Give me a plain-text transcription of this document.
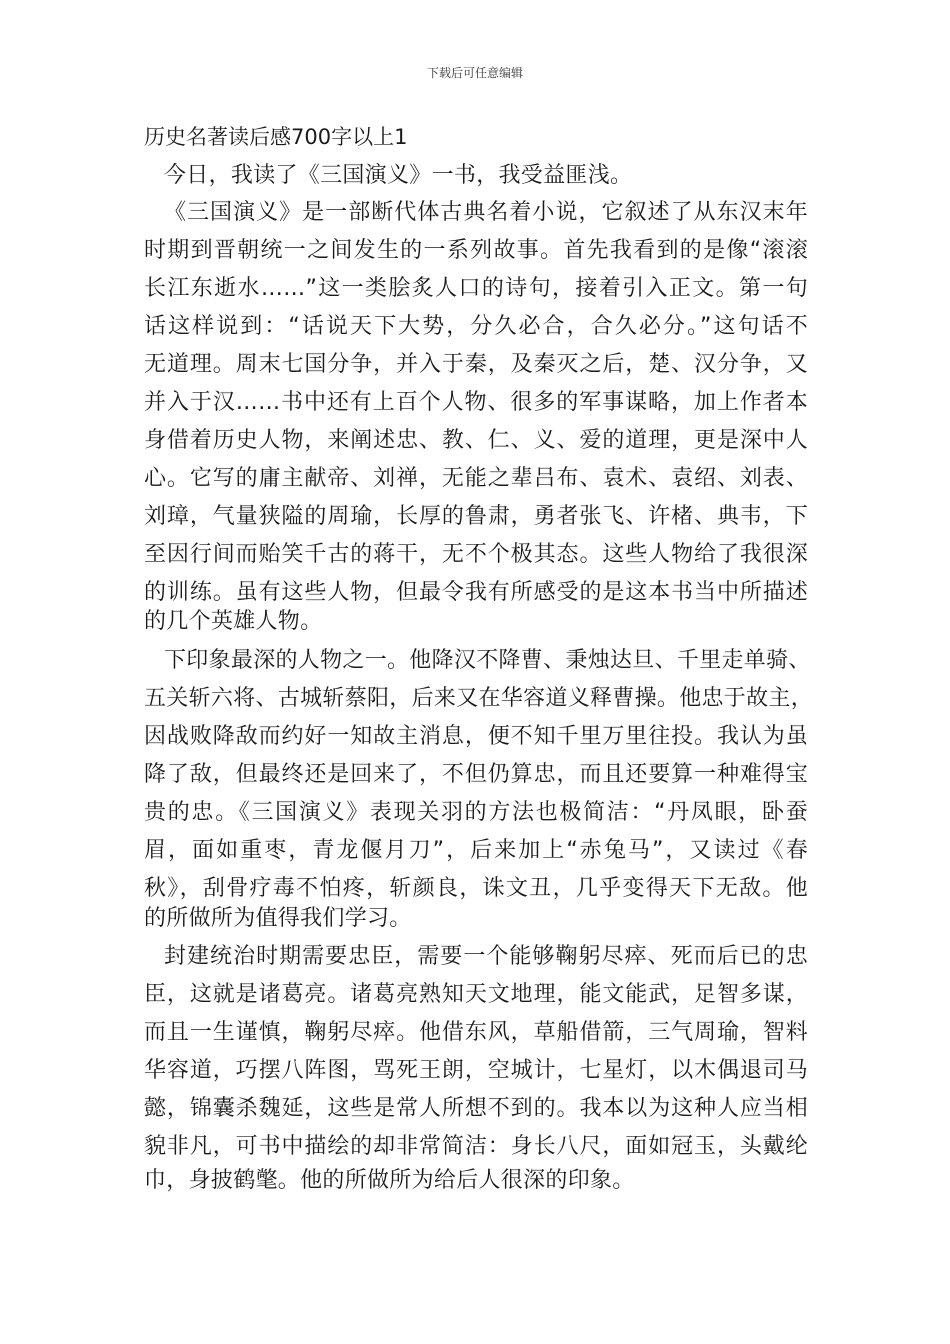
下载后可任意编辑
历史名著读后感700字以上1
今日，我读了《三国演义》一书，我受益匪浅。
《三国演义》是一部断代体古典名着小说，它叙述了从东汉末年
时期到晋朝统一之间发生的一系列故事。首先我看到的是像“滚滚
长江东逝水……”这一类脍炙人口的诗句，接着引入正文。第一句
话这样说到：“话说天下大势，分久必合，合久必分。”这句话不
无道理。周末七国分争，并入于秦，及秦灭之后，楚、汉分争，又
并入于汉……书中还有上百个人物、很多的军事谋略，加上作者本
身借着历史人物，来阐述忠、教、仁、义、爱的道理，更是深中人
心。它写的庸主献帝、刘禅，无能之辈吕布、袁术、袁绍、刘表、
刘璋，气量狭隘的周瑜，长厚的鲁肃，勇者张飞、许楮、典韦，下
至因行间而贻笑千古的蒋干，无不个极其态。这些人物给了我很深
的训练。虽有这些人物，但最令我有所感受的是这本书当中所描述
的几个英雄人物。
下印象最深的人物之一。他降汉不降曹、秉烛达旦、千里走单骑、
五关斩六将、古城斩蔡阳，后来又在华容道义释曹操。他忠于故主，
因战败降敌而约好一知故主消息，便不知千里万里往投。我认为虽
降了敌，但最终还是回来了，不但仍算忠，而且还要算一种难得宝
贵的忠。《三国演义》表现关羽的方法也极简洁：“丹凤眼，卧蚕
眉，面如重枣，青龙偃月刀”，后来加上“赤兔马”，又读过《春
秋》，刮骨疗毒不怕疼，斩颜良，诛文丑，几乎变得天下无敌。他
的所做所为值得我们学习。
封建统治时期需要忠臣，需要一个能够鞠躬尽瘁、死而后已的忠
臣，这就是诸葛亮。诸葛亮熟知天文地理，能文能武，足智多谋，
而且一生谨慎，鞠躬尽瘁。他借东风，草船借箭，三气周瑜，智料
华容道，巧摆八阵图，骂死王朗，空城计，七星灯，以木偶退司马
懿，锦囊杀魏延，这些是常人所想不到的。我本以为这种人应当相
貌非凡，可书中描绘的却非常简洁：身长八尺，面如冠玉，头戴纶
巾，身披鹤氅。他的所做所为给后人很深的印象。
